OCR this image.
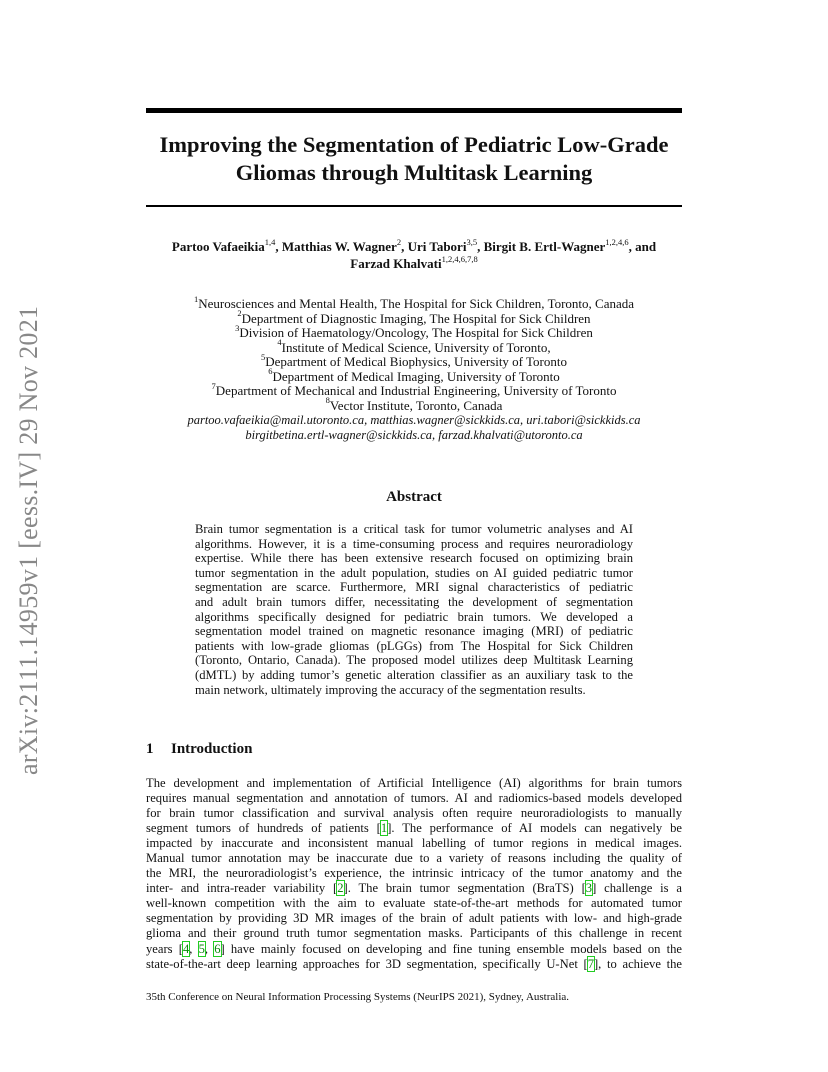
arXiv:2111.14959v1 [eess.IV] 29 Nov 2021
Improving the Segmentation of Pediatric Low-Grade
Gliomas through Multitask Learning
Partoo Vafaeikia$^{1,4}$, Matthias W. Wagner$^2$, Uri Tabori$^{3,5}$, Birgit B. Ertl-Wagner$^{1,2,4,6}$, and
Farzad Khalvati$^{1,2,4,6,7,8}$
$^1$Neurosciences and Mental Health, The Hospital for Sick Children, Toronto, Canada
$^2$Department of Diagnostic Imaging, The Hospital for Sick Children
$^3$Division of Haematology/Oncology, The Hospital for Sick Children
$^4$Institute of Medical Science, University of Toronto,
$^5$Department of Medical Biophysics, University of Toronto
$^6$Department of Medical Imaging, University of Toronto
$^7$Department of Mechanical and Industrial Engineering, University of Toronto
$^8$Vector Institute, Toronto, Canada
partoo.vafaeikia@mail.utoronto.ca, matthias.wagner@sickkids.ca, uri.tabori@sickkids.ca
birgitbetina.ertl-wagner@sickkids.ca, farzad.khalvati@utoronto.ca
Abstract
Brain tumor segmentation is a critical task for tumor volumetric analyses and AI
algorithms. However, it is a time-consuming process and requires neuroradiology
expertise. While there has been extensive research focused on optimizing brain
tumor segmentation in the adult population, studies on AI guided pediatric tumor
segmentation are scarce. Furthermore, MRI signal characteristics of pediatric
and adult brain tumors differ, necessitating the development of segmentation
algorithms specifically designed for pediatric brain tumors. We developed a
segmentation model trained on magnetic resonance imaging (MRI) of pediatric
patients with low-grade gliomas (pLGGs) from The Hospital for Sick Children
(Toronto, Ontario, Canada). The proposed model utilizes deep Multitask Learning
(dMTL) by adding tumor’s genetic alteration classifier as an auxiliary task to the
main network, ultimately improving the accuracy of the segmentation results.
1 Introduction
The development and implementation of Artificial Intelligence (AI) algorithms for brain tumors
requires manual segmentation and annotation of tumors. AI and radiomics-based models developed
for brain tumor classification and survival analysis often require neuroradiologists to manually
segment tumors of hundreds of patients [1]. The performance of AI models can negatively be
impacted by inaccurate and inconsistent manual labelling of tumor regions in medical images.
Manual tumor annotation may be inaccurate due to a variety of reasons including the quality of
the MRI, the neuroradiologist’s experience, the intrinsic intricacy of the tumor anatomy and the
inter- and intra-reader variability [2]. The brain tumor segmentation (BraTS) [3] challenge is a
well-known competition with the aim to evaluate state-of-the-art methods for automated tumor
segmentation by providing 3D MR images of the brain of adult patients with low- and high-grade
glioma and their ground truth tumor segmentation masks. Participants of this challenge in recent
years [4, 5, 6] have mainly focused on developing and fine tuning ensemble models based on the
state-of-the-art deep learning approaches for 3D segmentation, specifically U-Net [7], to achieve the
35th Conference on Neural Information Processing Systems (NeurIPS 2021), Sydney, Australia.
